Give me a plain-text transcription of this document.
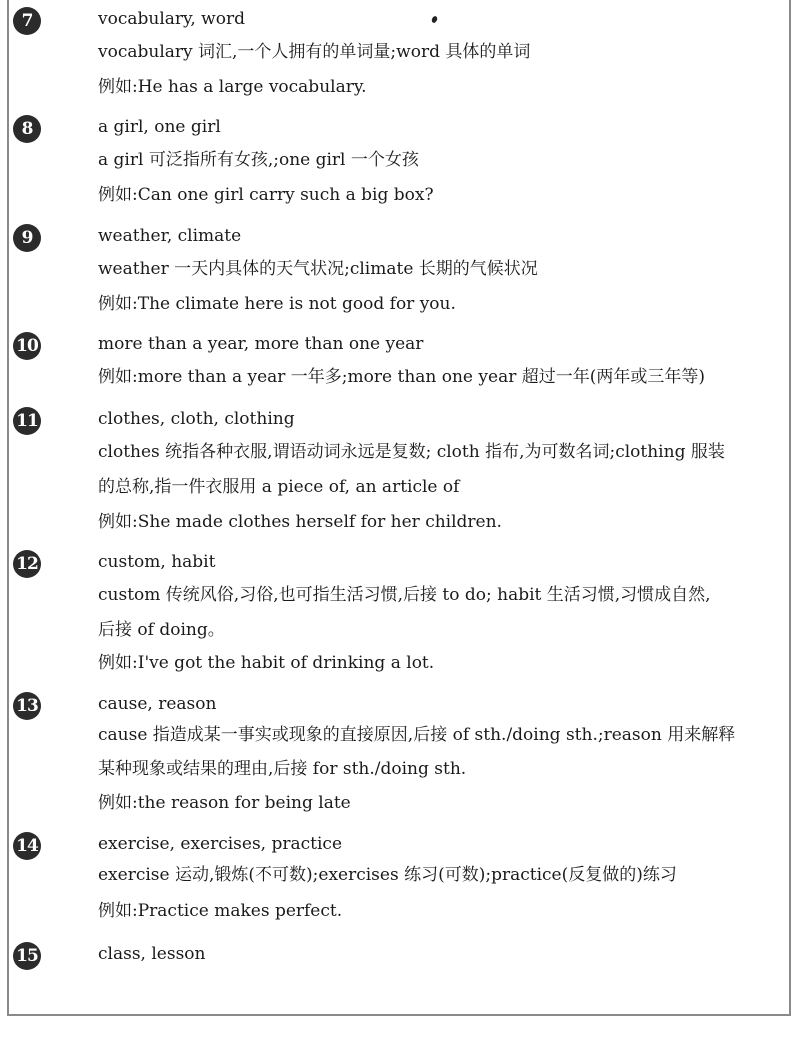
7	vocabulary, word
vocabulary 词汇,一个人拥有的单词量;word 具体的单词
例如:He has a large vocabulary.
8	a girl, one girl
a girl 可泛指所有女孩,;one girl 一个女孩
例如:Can one girl carry such a big box?
9	weather, climate
weather 一天内具体的天气状况;climate 长期的气候状况
例如:The climate here is not good for you.
10	more than a year, more than one year
例如:more than a year 一年多;more than one year 超过一年(两年或三年等)
11	clothes, cloth, clothing
clothes 统指各种衣服,谓语动词永远是复数; cloth 指布,为可数名词;clothing 服装
的总称,指一件衣服用 a piece of, an article of
例如:She made clothes herself for her children.
12	custom, habit
custom 传统风俗,习俗,也可指生活习惯,后接 to do; habit 生活习惯,习惯成自然,
后接 of doing。
例如:I've got the habit of drinking a lot.
13	cause, reason
cause 指造成某一事实或现象的直接原因,后接 of sth./doing sth.;reason 用来解释
某种现象或结果的理由,后接 for sth./doing sth.
例如:the reason for being late
14	exercise, exercises, practice
exercise 运动,锻炼(不可数);exercises 练习(可数);practice(反复做的)练习
例如:Practice makes perfect.
15	class, lesson
